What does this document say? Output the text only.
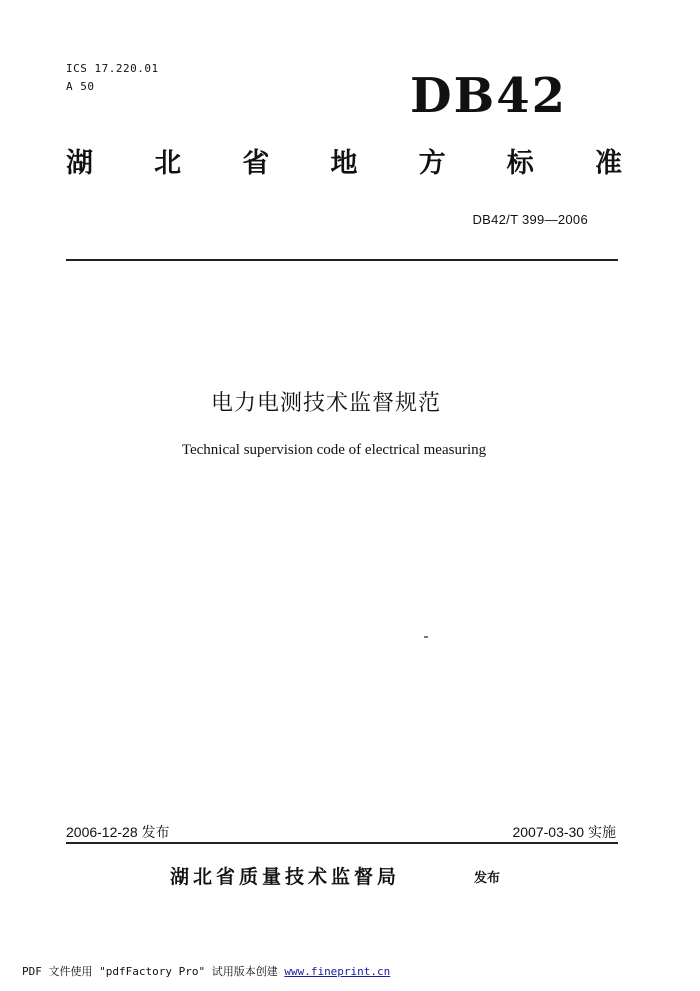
ICS 17.220.01
A 50	DB42
湖 北 省 地 方 标 准
DB42/T 399—2006
电力电测技术监督规范
Technical supervision code of electrical measuring
2006-12-28 发布	2007-03-30 实施
湖北省质量技术监督局	发布
PDF 文件使用 "pdfFactory Pro" 试用版本创建 www.fineprint.cn
